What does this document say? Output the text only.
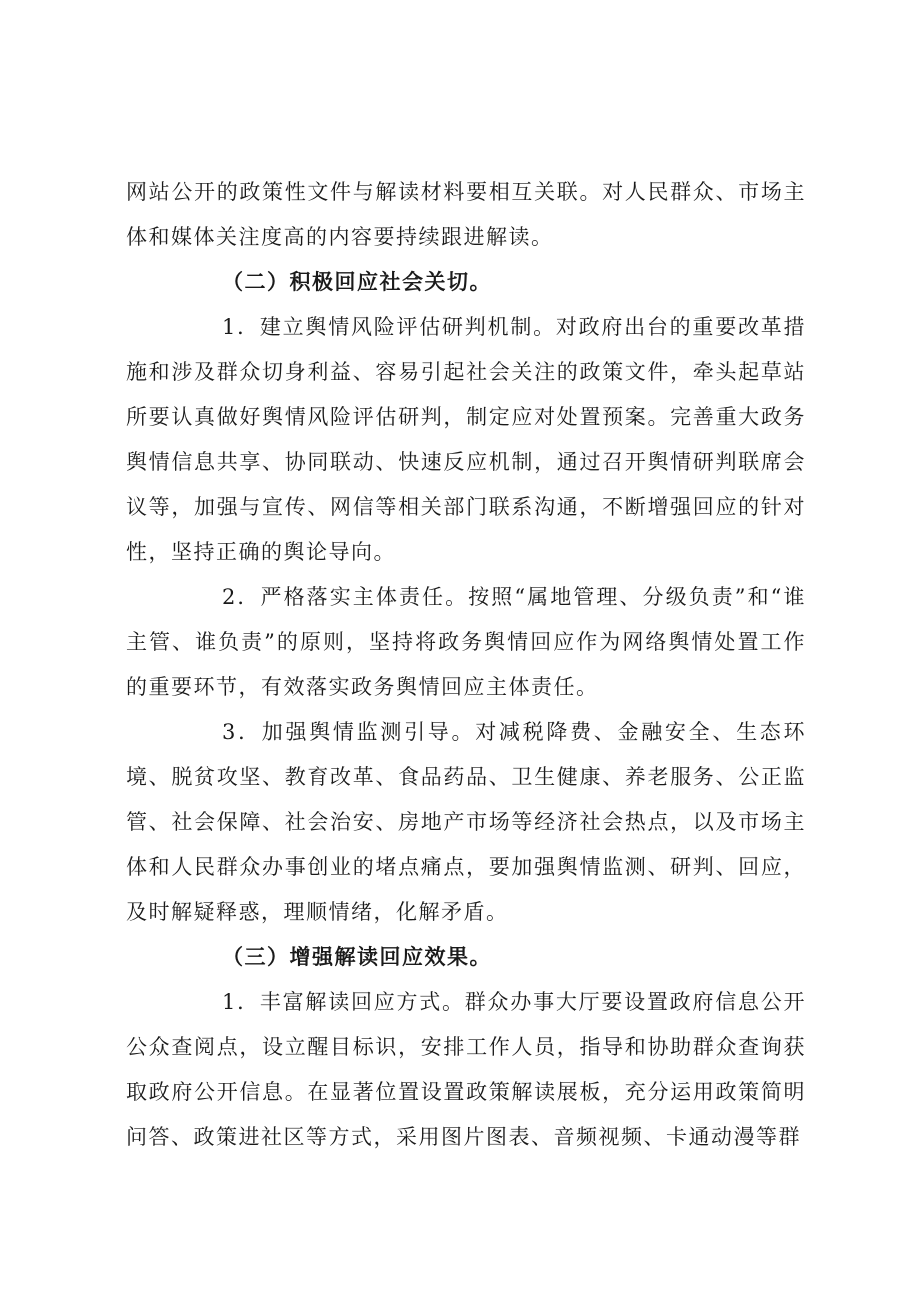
网站公开的政策性文件与解读材料要相互关联。对人民群众、市场主体和媒体关注度高的内容要持续跟进解读。

（二）积极回应社会关切。

1．建立舆情风险评估研判机制。对政府出台的重要改革措施和涉及群众切身利益、容易引起社会关注的政策文件，牵头起草站所要认真做好舆情风险评估研判，制定应对处置预案。完善重大政务舆情信息共享、协同联动、快速反应机制，通过召开舆情研判联席会议等，加强与宣传、网信等相关部门联系沟通，不断增强回应的针对性，坚持正确的舆论导向。

2．严格落实主体责任。按照“属地管理、分级负责”和“谁主管、谁负责”的原则，坚持将政务舆情回应作为网络舆情处置工作的重要环节，有效落实政务舆情回应主体责任。

3．加强舆情监测引导。对减税降费、金融安全、生态环境、脱贫攻坚、教育改革、食品药品、卫生健康、养老服务、公正监管、社会保障、社会治安、房地产市场等经济社会热点，以及市场主体和人民群众办事创业的堵点痛点，要加强舆情监测、研判、回应，及时解疑释惑，理顺情绪，化解矛盾。

（三）增强解读回应效果。

1．丰富解读回应方式。群众办事大厅要设置政府信息公开公众查阅点，设立醒目标识，安排工作人员，指导和协助群众查询获取政府公开信息。在显著位置设置政策解读展板，充分运用政策简明问答、政策进社区等方式，采用图片图表、音频视频、卡通动漫等群
